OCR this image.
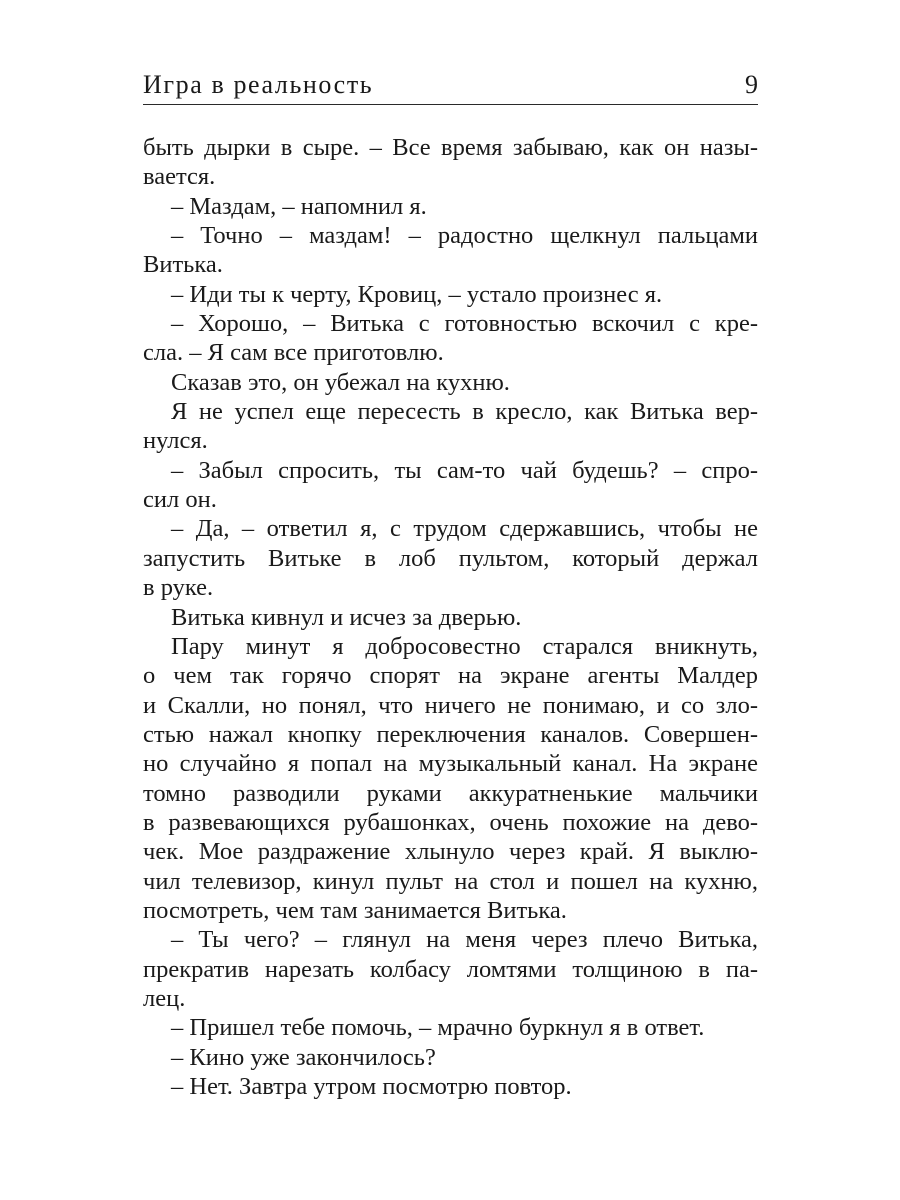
Игра в реальность	9
быть дырки в сыре. – Все время забываю, как он назы-
вается.
– Маздам, – напомнил я.
– Точно – маздам! – радостно щелкнул пальцами
Витька.
– Иди ты к черту, Кровиц, – устало произнес я.
– Хорошо, – Витька с готовностью вскочил с кре-
сла. – Я сам все приготовлю.
Сказав это, он убежал на кухню.
Я не успел еще пересесть в кресло, как Витька вер-
нулся.
– Забыл спросить, ты сам-то чай будешь? – спро-
сил он.
– Да, – ответил я, с трудом сдержавшись, чтобы не
запустить Витьке в лоб пультом, который держал
в руке.
Витька кивнул и исчез за дверью.
Пару минут я добросовестно старался вникнуть,
о чем так горячо спорят на экране агенты Малдер
и Скалли, но понял, что ничего не понимаю, и со зло-
стью нажал кнопку переключения каналов. Совершен-
но случайно я попал на музыкальный канал. На экране
томно разводили руками аккуратненькие мальчики
в развевающихся рубашонках, очень похожие на дево-
чек. Мое раздражение хлынуло через край. Я выклю-
чил телевизор, кинул пульт на стол и пошел на кухню,
посмотреть, чем там занимается Витька.
– Ты чего? – глянул на меня через плечо Витька,
прекратив нарезать колбасу ломтями толщиною в па-
лец.
– Пришел тебе помочь, – мрачно буркнул я в ответ.
– Кино уже закончилось?
– Нет. Завтра утром посмотрю повтор.
